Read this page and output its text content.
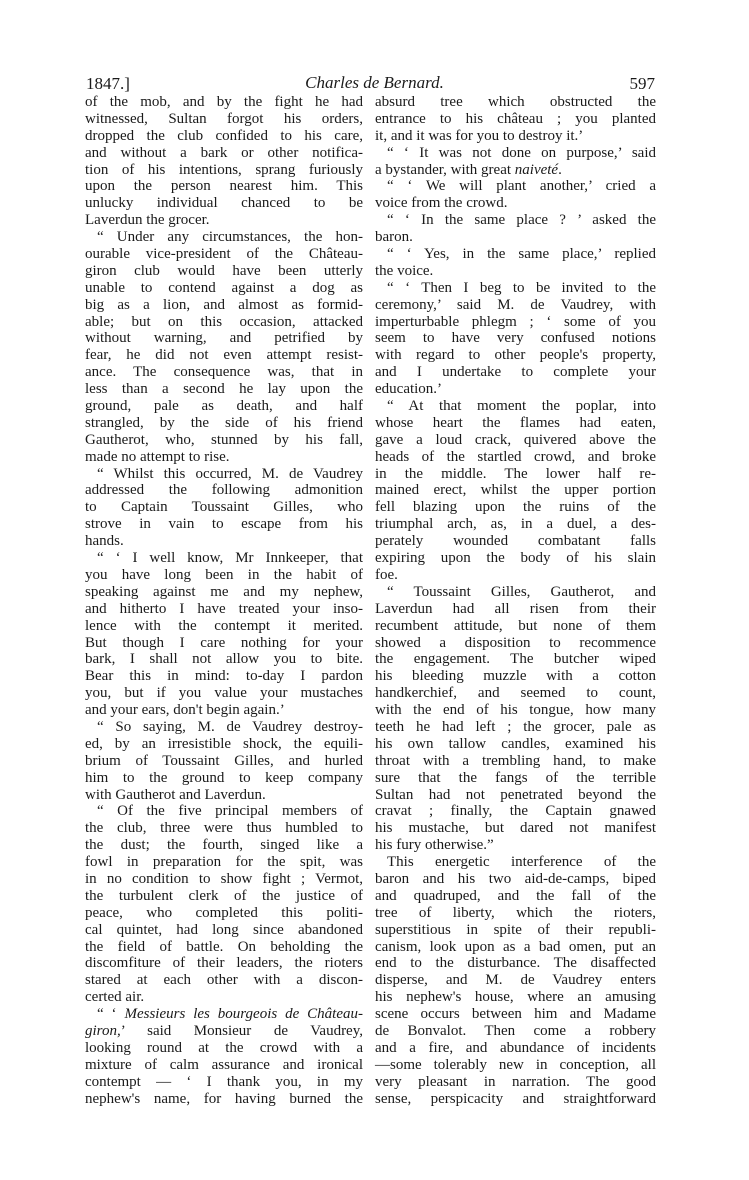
1847.]	Charles de Bernard.	597
of the mob, and by the fight he had
witnessed, Sultan forgot his orders,
dropped the club confided to his care,
and without a bark or other notifica-
tion of his intentions, sprang furiously
upon the person nearest him. This
unlucky individual chanced to be
Laverdun the grocer.
“ Under any circumstances, the hon-
ourable vice-president of the Château-
giron club would have been utterly
unable to contend against a dog as
big as a lion, and almost as formid-
able; but on this occasion, attacked
without warning, and petrified by
fear, he did not even attempt resist-
ance. The consequence was, that in
less than a second he lay upon the
ground, pale as death, and half
strangled, by the side of his friend
Gautherot, who, stunned by his fall,
made no attempt to rise.
“ Whilst this occurred, M. de Vaudrey
addressed the following admonition
to Captain Toussaint Gilles, who
strove in vain to escape from his
hands.
“ ‘ I well know, Mr Innkeeper, that
you have long been in the habit of
speaking against me and my nephew,
and hitherto I have treated your inso-
lence with the contempt it merited.
But though I care nothing for your
bark, I shall not allow you to bite.
Bear this in mind: to-day I pardon
you, but if you value your mustaches
and your ears, don't begin again.’
“ So saying, M. de Vaudrey destroy-
ed, by an irresistible shock, the equili-
brium of Toussaint Gilles, and hurled
him to the ground to keep company
with Gautherot and Laverdun.
“ Of the five principal members of
the club, three were thus humbled to
the dust; the fourth, singed like a
fowl in preparation for the spit, was
in no condition to show fight ; Vermot,
the turbulent clerk of the justice of
peace, who completed this politi-
cal quintet, had long since abandoned
the field of battle. On beholding the
discomfiture of their leaders, the rioters
stared at each other with a discon-
certed air.
“ ‘ Messieurs les bourgeois de Château-
giron,’ said Monsieur de Vaudrey,
looking round at the crowd with a
mixture of calm assurance and ironical
contempt — ‘ I thank you, in my
nephew's name, for having burned the
absurd tree which obstructed the
entrance to his château ; you planted
it, and it was for you to destroy it.’
“ ‘ It was not done on purpose,’ said
a bystander, with great naiveté.
“ ‘ We will plant another,’ cried a
voice from the crowd.
“ ‘ In the same place ? ’ asked the
baron.
“ ‘ Yes, in the same place,’ replied
the voice.
“ ‘ Then I beg to be invited to the
ceremony,’ said M. de Vaudrey, with
imperturbable phlegm ; ‘ some of you
seem to have very confused notions
with regard to other people's property,
and I undertake to complete your
education.’
“ At that moment the poplar, into
whose heart the flames had eaten,
gave a loud crack, quivered above the
heads of the startled crowd, and broke
in the middle. The lower half re-
mained erect, whilst the upper portion
fell blazing upon the ruins of the
triumphal arch, as, in a duel, a des-
perately wounded combatant falls
expiring upon the body of his slain
foe.
“ Toussaint Gilles, Gautherot, and
Laverdun had all risen from their
recumbent attitude, but none of them
showed a disposition to recommence
the engagement. The butcher wiped
his bleeding muzzle with a cotton
handkerchief, and seemed to count,
with the end of his tongue, how many
teeth he had left ; the grocer, pale as
his own tallow candles, examined his
throat with a trembling hand, to make
sure that the fangs of the terrible
Sultan had not penetrated beyond the
cravat ; finally, the Captain gnawed
his mustache, but dared not manifest
his fury otherwise.”
This energetic interference of the
baron and his two aid-de-camps, biped
and quadruped, and the fall of the
tree of liberty, which the rioters,
superstitious in spite of their republi-
canism, look upon as a bad omen, put an
end to the disturbance. The disaffected
disperse, and M. de Vaudrey enters
his nephew's house, where an amusing
scene occurs between him and Madame
de Bonvalot. Then come a robbery
and a fire, and abundance of incidents
—some tolerably new in conception, all
very pleasant in narration. The good
sense, perspicacity and straightforward
